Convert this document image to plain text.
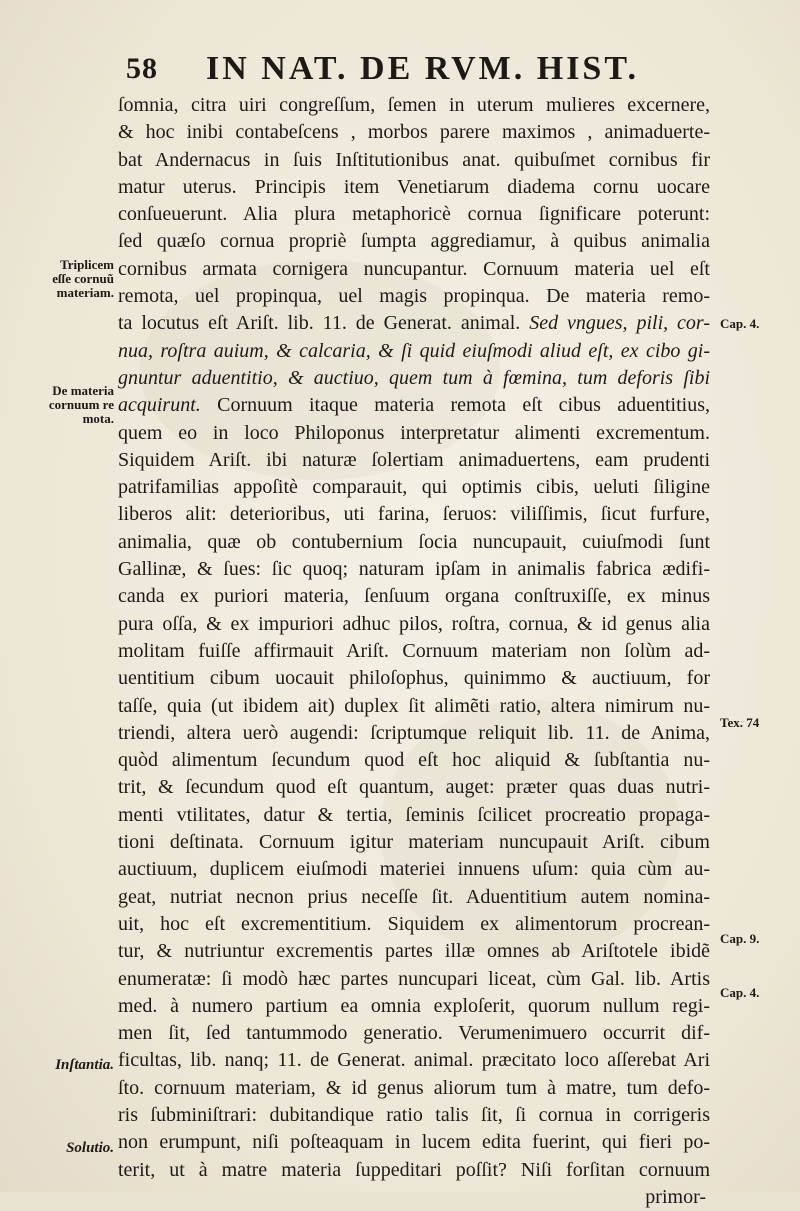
58 IN NAT. DE RVM. HIST.
ſomnia, citra uiri congreſſum, ſemen in uterum mulieres excernere,
& hoc inibi contabeſcens , morbos parere maximos , animaduerte-
bat Andernacus in ſuis Inſtitutionibus anat. quibuſmet cornibus fir
matur uterus. Principis item Venetiarum diadema cornu uocare
conſueuerunt. Alia plura metaphoricè cornua ſignificare poterunt:
ſed quæſo cornua propriè ſumpta aggrediamur, à quibus animalia
cornibus armata cornigera nuncupantur. Cornuum materia uel eſt
remota, uel propinqua, uel magis propinqua. De materia remo-
ta locutus eſt Ariſt. lib. 11. de Generat. animal. Sed vngues, pili, cor-
nua, roſtra auium, & calcaria, & ſi quid eiuſmodi aliud eſt, ex cibo gi-
gnuntur aduentitio, & auctiuo, quem tum à fœmina, tum deforis ſibi
acquirunt. Cornuum itaque materia remota eſt cibus aduentitius,
quem eo in loco Philoponus interpretatur alimenti excrementum.
Siquidem Ariſt. ibi naturæ ſolertiam animaduertens, eam prudenti
patrifamilias appoſitè comparauit, qui optimis cibis, ueluti ſiligine
liberos alit: deterioribus, uti farina, ſeruos: viliſſimis, ſicut furfure,
animalia, quæ ob contubernium ſocia nuncupauit, cuiuſmodi ſunt
Gallinæ, & ſues: ſic quoq; naturam ipſam in animalis fabrica ædifi-
canda ex puriori materia, ſenſuum organa conſtruxiſſe, ex minus
pura oſſa, & ex impuriori adhuc pilos, roſtra, cornua, & id genus alia
molitam fuiſſe affirmauit Ariſt. Cornuum materiam non ſolùm ad-
uentitium cibum uocauit philoſophus, quinimmo & auctiuum, for
taſſe, quia (ut ibidem ait) duplex ſit alimẽti ratio, altera nimirum nu-
triendi, altera uerò augendi: ſcriptumque reliquit lib. 11. de Anima,
quòd alimentum ſecundum quod eſt hoc aliquid & ſubſtantia nu-
trit, & ſecundum quod eſt quantum, auget: præter quas duas nutri-
menti vtilitates, datur & tertia, ſeminis ſcilicet procreatio propaga-
tioni deſtinata. Cornuum igitur materiam nuncupauit Ariſt. cibum
auctiuum, duplicem eiuſmodi materiei innuens uſum: quia cùm au-
geat, nutriat necnon prius neceſſe ſit. Aduentitium autem nomina-
uit, hoc eſt excrementitium. Siquidem ex alimentorum procrean-
tur, & nutriuntur excrementis partes illæ omnes ab Ariſtotele ibidẽ
enumeratæ: ſi modò hæc partes nuncupari liceat, cùm Gal. lib. Artis
med. à numero partium ea omnia exploſerit, quorum nullum regi-
men ſit, ſed tantummodo generatio. Verumenimuero occurrit dif-
ficultas, lib. nanq; 11. de Generat. animal. præcitato loco aſſerebat Ari
ſto. cornuum materiam, & id genus aliorum tum à matre, tum defo-
ris ſubminiſtrari: dubitandique ratio talis ſit, ſi cornua in corrigeris
non erumpunt, niſi poſteaquam in lucem edita fuerint, qui fieri po-
terit, ut à matre materia ſuppeditari poſſit? Niſi forſitan cornuum
primor-
Triplicem
eſſe cornuũ
materiam.
De materia
cornuum re
mota.
Inſtantia.
Solutio.
Cap. 4.
Tex. 74
Cap. 9.
Cap. 4.
